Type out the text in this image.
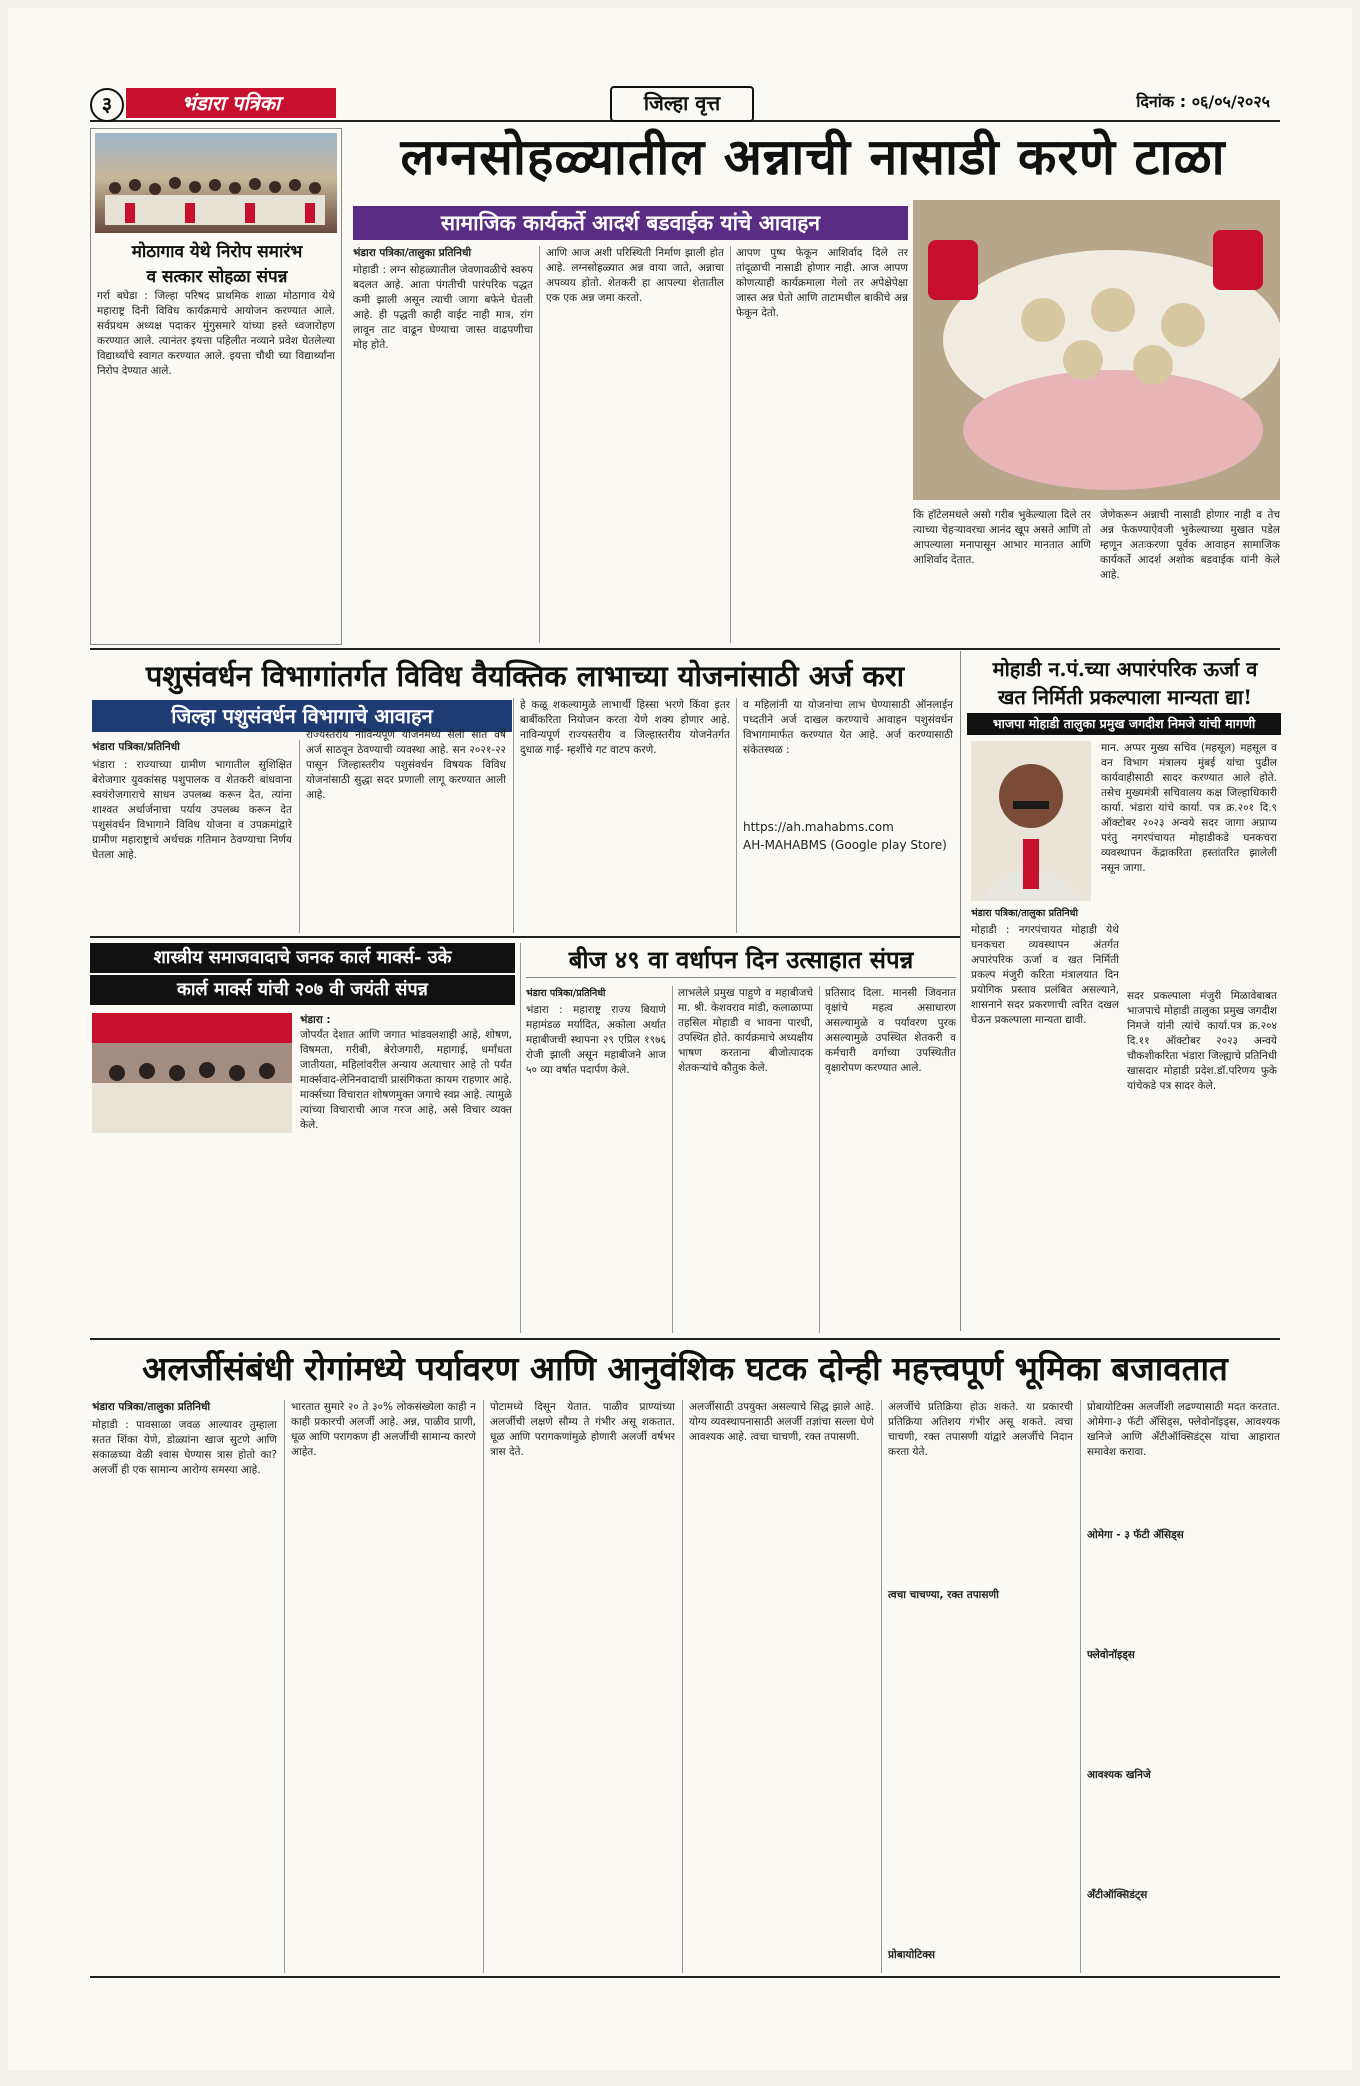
३	भंडारा पत्रिका	जिल्हा वृत्त	दिनांक : ०६/०५/२०२५
मोठागाव येथे निरोप समारंभ
व सत्कार सोहळा संपन्न
गर्रा बघेडा : जिल्हा परिषद प्राथमिक शाळा मोठागाव येथे महाराष्ट्र दिनी विविध कार्यक्रमाचे आयोजन करण्यात आले. सर्वप्रथम अध्यक्ष पदाकर मुंगुसमारे यांच्या हस्ते ध्वजारोहण करण्यात आले. त्यानंतर इयत्ता पहिलीत नव्याने प्रवेश घेतलेल्या विद्यार्थ्यांचे स्वागत करण्यात आले. इयत्ता चौथी च्या विद्यार्थ्यांना निरोप देण्यात आले.
लग्नसोहळ्यातील अन्नाची नासाडी करणे टाळा
सामाजिक कार्यकर्ते आदर्श बडवाईक यांचे आवाहन
भंडारा पत्रिका/तालुका प्रतिनिधी
मोहाडी : लग्न सोहळ्यातील जेवणावळीचे स्वरुप बदलत आहे. आता पंगतीची पारंपरिक पद्धत कमी झाली असून त्याची जागा बफेने घेतली आहे. ही पद्धती काही वाईट नाही मात्र, रांग लावून ताट वाढून घेण्याचा जास्त वाढपणीचा मोह होते.
आणि आज अशी परिस्थिती निर्माण झाली होत आहे. लग्नसोहळ्यात अन्न वाया जाते, अन्नाचा अपव्यय होतो. शेतकरी हा आपल्या शेतातील एक एक अन्न जमा करतो.
आपण पुष्प फेकून आशिर्वाद दिले तर तांदूळाची नासाडी होणार नाही. आज आपण कोणत्याही कार्यक्रमाला गेलो तर अपेक्षेपेक्षा जास्त अन्न घेतो आणि ताटामधील बाकीचे अन्न फेकून देतो.
कि हॉटेलमधले असो गरीब भुकेल्याला दिले तर त्याच्या चेहऱ्यावरचा आनंद खूप असते आणि तो आपल्याला मनापासून आभार मानतात आणि आशिर्वाद देतात.
जेणेकरून अन्नाची नासाडी होणार नाही व तेच अन्न फेकण्याऐवजी भुकेल्याच्या मुखात पडेल म्हणून अतःकरणा पूर्वक आवाहन सामाजिक कार्यकर्ते आदर्श अशोक बडवाईक यांनी केले आहे.
पशुसंवर्धन विभागांतर्गत विविध वैयक्तिक लाभाच्या योजनांसाठी अर्ज करा
जिल्हा पशुसंवर्धन विभागाचे आवाहन
भंडारा पत्रिका/प्रतिनिधी
भंडारा : राज्याच्या ग्रामीण भागातील सुशिक्षित बेरोजगार युवकांसह पशुपालक व शेतकरी बांधवाना स्वयंरोजगाराचे साधन उपलब्ध करून देत, त्यांना शाश्वत अर्थार्जनाचा पर्याय उपलब्ध करून देत पशुसंवर्धन विभागाने विविध योजना व उपक्रमांद्वारे ग्रामीण महाराष्ट्राचे अर्थचक्र गतिमान ठेवण्याचा निर्णय घेतला आहे.
राज्यस्तरीय नाविन्यपूर्ण योजनेमध्ये सेली सात वर्षे अर्ज साठवून ठेवण्याची व्यवस्था आहे. सन २०२१-२२ पासून जिल्हास्तरीय पशुसंवर्धन विषयक विविध योजनांसाठी सुद्धा सदर प्रणाली लागू करण्यात आली आहे.
हे कळू शकल्यामुळे लाभार्थी हिस्सा भरणे किंवा इतर बाबींकरिता नियोजन करता येणे शक्य होणार आहे. नाविन्यपूर्ण राज्यस्तरीय व जिल्हास्तरीय योजनेतर्गत दुधाळ गाई- म्हशींचे गट वाटप करणे.
व महिलांनी या योजनांचा लाभ घेण्यासाठी ऑनलाईन पध्दतीने अर्ज दाखल करण्याचे आवाहन पशुसंवर्धन विभागामार्फत करण्यात येत आहे. अर्ज करण्यासाठी संकेतस्थळ :
https://ah.mahabms.com
AH-MAHABMS (Google play Store)
मोहाडी न.पं.च्या अपारंपरिक ऊर्जा व
खत निर्मिती प्रकल्पाला मान्यता द्या!
भाजपा मोहाडी तालुका प्रमुख जगदीश निमजे यांची मागणी
मान. अप्पर मुख्य सचिव (महसूल) महसूल व वन विभाग मंत्रालय मुंबई यांचा पुढील कार्यवाहीसाठी सादर करण्यात आले होते. तसेच मुख्यमंत्री सचिवालय कक्ष जिल्हाधिकारी कार्या. भंडारा यांचे कार्या. पत्र क्र.२०१ दि.९ ऑक्टोबर २०२३ अन्वये सदर जागा अप्राप्य परंतु नगरपंचायत मोहाडीकडे घनकचरा व्यवस्थापन केंद्राकरिता हस्तांतरित झालेली नसून जागा.
भंडारा पत्रिका/तालुका प्रतिनिधी
मोहाडी : नगरपंचायत मोहाडी येथे घनकचरा व्यवस्थापन अंतर्गत अपारंपरिक ऊर्जा व खत निर्मिती प्रकल्प मंजुरी करिता मंत्रालयात दिन प्रयोगिक प्रस्ताव प्रलंबित असल्याने, शासनाने सदर प्रकरणाची त्वरित दखल घेऊन प्रकल्पाला मान्यता द्यावी.
सदर प्रकल्पाला मंजुरी मिळावेबाबत भाजपाचे मोहाडी तालुका प्रमुख जगदीश निमजे यांनी त्यांचे कार्या.पत्र क्र.२०४ दि.११ ऑक्टोबर २०२३ अन्वये चौकशीकरिता भंडारा जिल्ह्याचे प्रतिनिधी खासदार मोहाडी प्रदेश.डॉ.परिणय फुके यांचेकडे पत्र सादर केले.
शास्त्रीय समाजवादाचे जनक कार्ल मार्क्स- उके
कार्ल मार्क्स यांची २०७ वी जयंती संपन्न
भंडारा :
जोपर्यंत देशात आणि जगात भांडवलशाही आहे, शोषण, विषमता, गरीबी, बेरोजगारी, महागाई, धर्मांधता जातीयता, महिलांवरील अन्याय अत्याचार आहे तो पर्यंत मार्क्सवाद-लेनिनवादाची प्रासंगिकता कायम राहणार आहे. मार्क्सच्या विचारात शोषणमुक्त जगाचे स्वप्न आहे. त्यामुळे त्यांच्या विचाराची आज गरज आहे, असे विचार व्यक्त केले.
बीज ४९ वा वर्धापन दिन उत्साहात संपन्न
भंडारा पत्रिका/प्रतिनिधी
भंडारा : महाराष्ट्र राज्य बियाणे महामंडळ मर्यादित, अकोला अर्थात महाबीजची स्थापना २९ एप्रिल १९७६ रोजी झाली असून महाबीजने आज ५० व्या वर्षात पदार्पण केले.
लाभलेले प्रमुख पाहुणे व महाबीजचे मा. श्री. केशवराव मांडी, कलाळाप्पा तहसिल मोहाडी व भावना पारधी, उपस्थित होते. कार्यक्रमाचे अध्यक्षीय भाषण करताना बीजोत्पादक शेतकऱ्यांचे कौतुक केले.
प्रतिसाद दिला. मानसी जिवनात वृक्षांचे महत्व असाधारण असल्यामुळे व पर्यावरण पुरक असल्यामुळे उपस्थित शेतकरी व कर्मचारी वर्गाच्या उपस्थितीत वृक्षारोपण करण्यात आले.
अलर्जीसंबंधी रोगांमध्ये पर्यावरण आणि आनुवंशिक घटक दोन्ही महत्त्वपूर्ण भूमिका बजावतात
भंडारा पत्रिका/तालुका प्रतिनिधी
मोहाडी : पावसाळा जवळ आल्यावर तुम्हाला सतत शिंका येणे, डोळ्यांना खाज सुटणे आणि सकाळच्या वेळी श्वास घेण्यास त्रास होतो का? अलर्जी ही एक सामान्य आरोग्य समस्या आहे.
भारतात सुमारे २० ते ३०% लोकसंख्येला काही न काही प्रकारची अलर्जी आहे. अन्न, पाळीव प्राणी, धूळ आणि परागकण ही अलर्जीची सामान्य कारणे आहेत.
पोटामध्ये दिसून येतात. पाळीव प्राण्यांच्या अलर्जीची लक्षणे सौम्य ते गंभीर असू शकतात. धूळ आणि परागकणांमुळे होणारी अलर्जी वर्षभर त्रास देते.
अलर्जीसाठी उपयुक्त असल्याचे सिद्ध झाले आहे. योग्य व्यवस्थापनासाठी अलर्जी तज्ञांचा सल्ला घेणे आवश्यक आहे. त्वचा चाचणी, रक्त तपासणी.
अलर्जीचे प्रतिक्रिया होऊ शकते. या प्रकारची प्रतिक्रिया अतिशय गंभीर असू शकते. त्वचा चाचणी, रक्त तपासणी यांद्वारे अलर्जीचे निदान करता येते.
त्वचा चाचण्या, रक्त तपासणी
प्रोबायोटिक्स
प्रोबायोटिक्स अलर्जीशी लढण्यासाठी मदत करतात. ओमेगा-३ फॅटी ॲसिड्स, फ्लेवोनॉइड्स, आवश्यक खनिजे आणि अँटीऑक्सिडंट्स यांचा आहारात समावेश करावा.
ओमेगा - ३ फॅटी ॲसिड्स
फ्लेवोनॉइड्स
आवश्यक खनिजे
अँटीऑक्सिडंट्स
